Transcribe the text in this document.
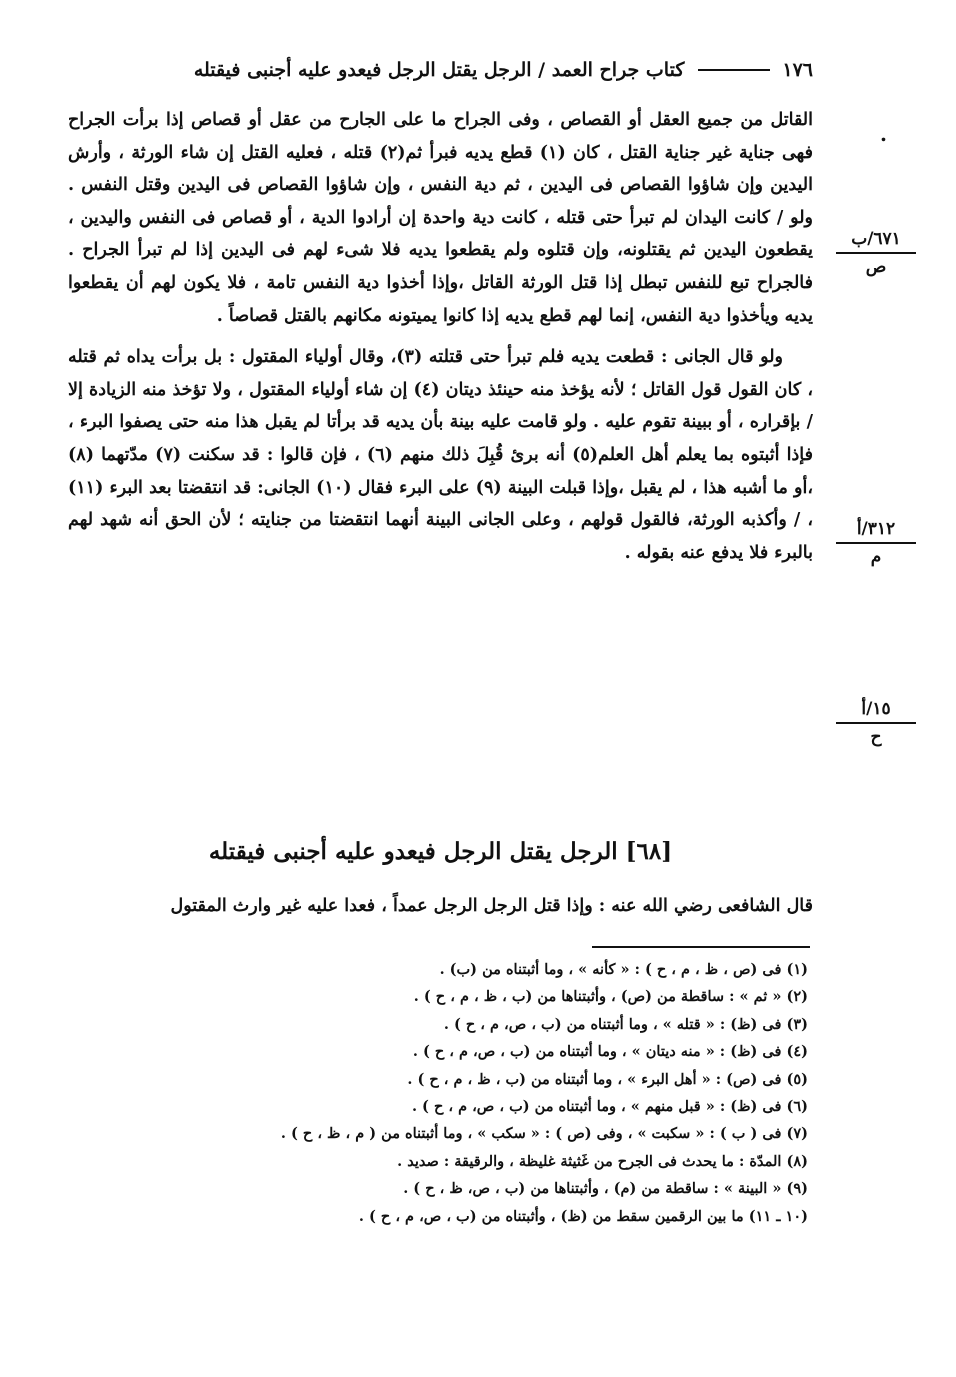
١٧٦
كتاب جراح العمد / الرجل يقتل الرجل فيعدو عليه أجنبى فيقتله
.

القاتل من جميع العقل أو القصاص ، وفى الجراح ما على الجارح من عقل أو قصاص إذا برأت الجراح فهى جناية غير جناية القتل ، كان (١) قطع يديه فبرأ ثم(٢) قتله ، فعليه القتل إن شاء الورثة ، وأرش اليدين وإن شاؤوا القصاص فى اليدين ، ثم دية النفس ، وإن شاؤوا القصاص فى اليدين وقتل النفس . ولو / كانت اليدان لم تبرأ حتى قتله ، كانت دية واحدة إن أرادوا الدية ، أو قصاص فى النفس واليدين ، يقطعون اليدين ثم يقتلونه، وإن قتلوه ولم يقطعوا يديه فلا شىء لهم فى اليدين إذا لم تبرأ الجراح . فالجراح تبع للنفس تبطل إذا قتل الورثة القاتل ،وإذا أخذوا دية النفس تامة ، فلا يكون لهم أن يقطعوا يديه ويأخذوا دية النفس، إنما لهم قطع يديه إذا كانوا يميتونه مكانهم بالقتل قصاصاً .

ولو قال الجانى : قطعت يديه فلم تبرأ حتى قتلته (٣)، وقال أولياء المقتول : بل برأت يداه ثم قتله ، كان القول قول القاتل ؛ لأنه يؤخذ منه حينئذ ديتان (٤) إن شاء أولياء المقتول ، ولا تؤخذ منه الزيادة إلا / بإقراره ، أو ببينة تقوم عليه . ولو قامت عليه بينة بأن يديه قد برأتا لم يقبل هذا منه حتى يصفوا البرء ، فإذا أثبتوه بما يعلم أهل العلم(٥) أنه برئ قُبِلَ ذلك منهم (٦) ، فإن قالوا : قد سكنت (٧) مدّتهما (٨) ،أو ما أشبه هذا ، لم يقبل ،وإذا قبلت البينة (٩) على البرء فقال (١٠) الجانى: قد انتقضتا بعد البرء (١١) ، / وأكذبه الورثة، فالقول قولهم ، وعلى الجانى البينة أنهما انتقضتا من جنايته ؛ لأن الحق أنه شهد لهم بالبرء فلا يدفع عنه بقوله .

٦٧١/ب
ص
٣١٢/أ
م
١٥/أ
ح
[٦٨] الرجل يقتل الرجل فيعدو عليه أجنبى فيقتله
قال الشافعى رضي الله عنه : وإذا قتل الرجل الرجل عمداً ، فعدا عليه غير وارث المقتول
(١) فى (ص ، ظ ، م ، ح ) : « كأنه » ، وما أثبتناه من (ب) .
(٢) « ثم » : ساقطة من (ص) ، وأثبتناها من (ب ، ظ ، م ، ح ) .
(٣) فى (ظ) : « قتله » ، وما أثبتناه من (ب ، ص، م ، ح ) .
(٤) فى (ظ) : « منه ديتان » ، وما أثبتناه من (ب ، ص، م ، ح ) .
(٥) فى (ص) : « أهل البرء » ، وما أثبتناه من (ب ، ظ ، م ، ح ) .
(٦) فى (ظ) : « قبل منهم » ، وما أثبتناه من (ب ، ص، م ، ح ) .
(٧) فى ( ب ) : « سكبت » ، وفى (ص ) : « سكب » ، وما أثبتناه من ( م ، ظ ، ح ) .
(٨) المدّة : ما يحدث فى الجرح من غَثيثة غليظة ، والرقيقة : صديد .
(٩) « البينة » : ساقطة من (م) ، وأثبتناها من (ب ، ص، ظ ، ح ) .
(١٠ ـ ١١) ما بين الرقمين سقط من (ظ) ، وأثبتناه من (ب ، ص، م ، ح ) .
